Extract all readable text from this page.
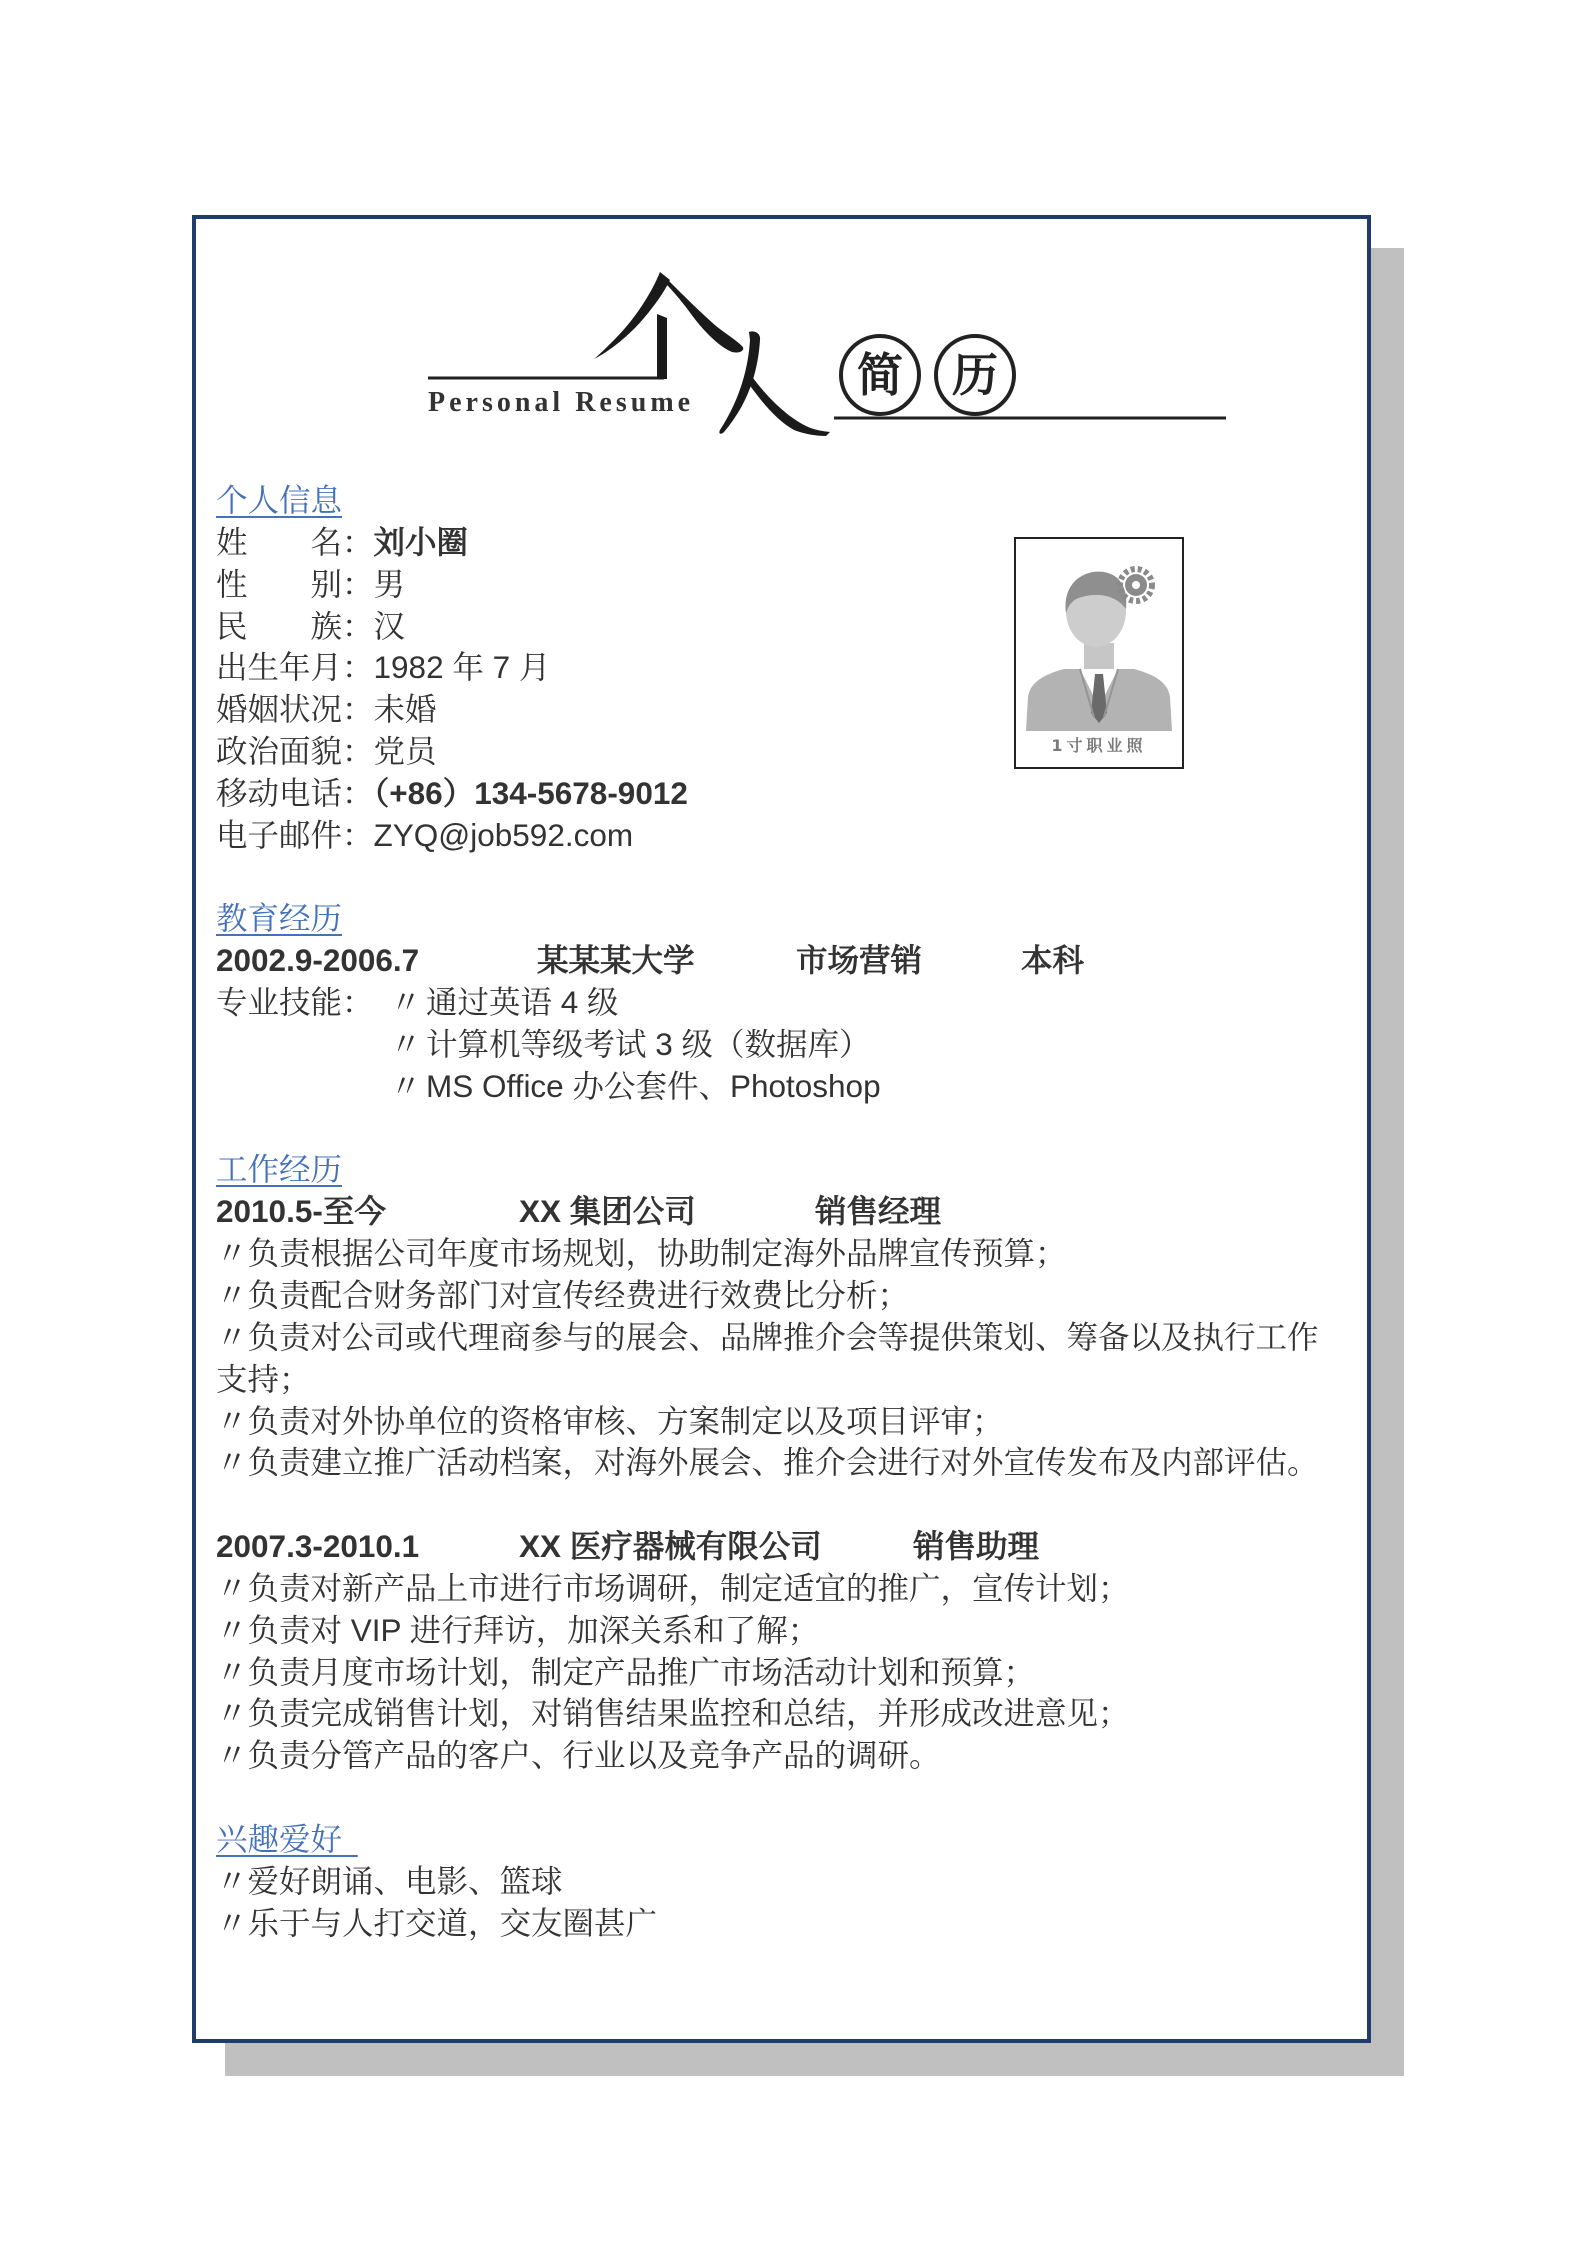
简	历
Personal Resume
1寸职业照
个人信息
姓　　名：刘小圈
性　　别：男
民　　族：汉
出生年月：1982 年 7 月
婚姻状况：未婚
政治面貌：党员
移动电话：（+86）134-5678-9012
电子邮件：ZYQ@job592.com
教育经历
2002.9-2006.7	某某某大学	市场营销	本科
专业技能： 〃 通过英语 4 级
〃 计算机等级考试 3 级（数据库）
〃 MS Office 办公套件、Photoshop
工作经历
2010.5-至今	XX 集团公司	销售经理
〃负责根据公司年度市场规划，协助制定海外品牌宣传预算；
〃负责配合财务部门对宣传经费进行效费比分析；
〃负责对公司或代理商参与的展会、品牌推介会等提供策划、筹备以及执行工作支持；
〃负责对外协单位的资格审核、方案制定以及项目评审；
〃负责建立推广活动档案，对海外展会、推介会进行对外宣传发布及内部评估。
2007.3-2010.1	XX 医疗器械有限公司	销售助理
〃负责对新产品上市进行市场调研，制定适宜的推广，宣传计划；
〃负责对 VIP 进行拜访，加深关系和了解；
〃负责月度市场计划，制定产品推广市场活动计划和预算；
〃负责完成销售计划，对销售结果监控和总结，并形成改进意见；
〃负责分管产品的客户、行业以及竞争产品的调研。
兴趣爱好
〃爱好朗诵、电影、篮球
〃乐于与人打交道，交友圈甚广
